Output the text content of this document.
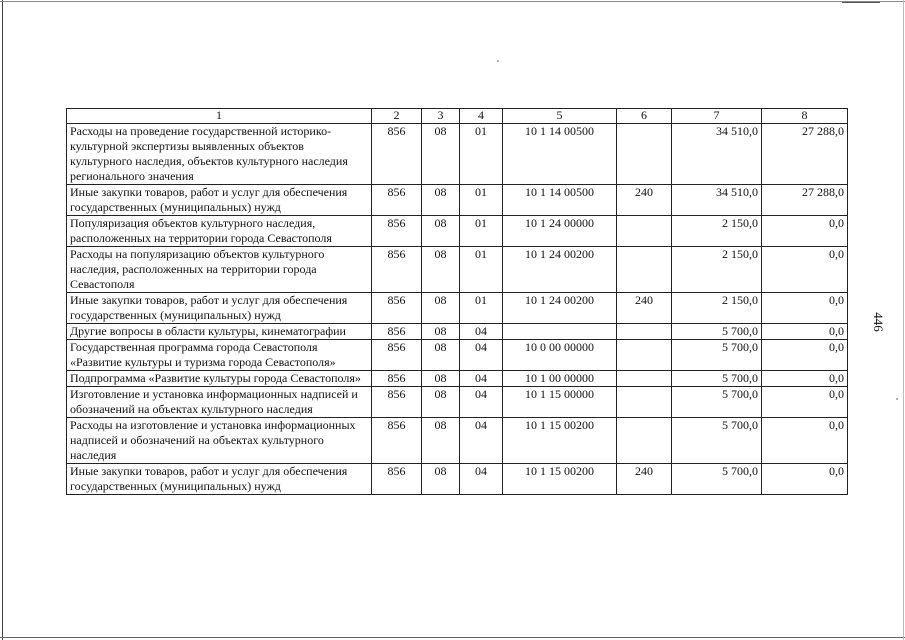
1	2	3	4	5	6	7	8
Расходы на проведение государственной историко-культурной экспертизы выявленных объектов культурного наследия, объектов культурного наследия регионального значения	856	08	01	10 1 14 00500		34 510,0	27 288,0
Иные закупки товаров, работ и услуг для обеспечения государственных (муниципальных) нужд	856	08	01	10 1 14 00500	240	34 510,0	27 288,0
Популяризация объектов культурного наследия, расположенных на территории города Севастополя	856	08	01	10 1 24 00000		2 150,0	0,0
Расходы на популяризацию объектов культурного наследия, расположенных на территории города Севастополя	856	08	01	10 1 24 00200		2 150,0	0,0
Иные закупки товаров, работ и услуг для обеспечения государственных (муниципальных) нужд	856	08	01	10 1 24 00200	240	2 150,0	0,0
Другие вопросы в области культуры, кинематографии	856	08	04			5 700,0	0,0
Государственная программа города Севастополя «Развитие культуры и туризма города Севастополя»	856	08	04	10 0 00 00000		5 700,0	0,0
Подпрограмма «Развитие культуры города Севастополя»	856	08	04	10 1 00 00000		5 700,0	0,0
Изготовление и установка информационных надписей и обозначений на объектах культурного наследия	856	08	04	10 1 15 00000		5 700,0	0,0
Расходы на изготовление и установка информационных надписей и обозначений на объектах культурного наследия	856	08	04	10 1 15 00200		5 700,0	0,0
Иные закупки товаров, работ и услуг для обеспечения государственных (муниципальных) нужд	856	08	04	10 1 15 00200	240	5 700,0	0,0
446
